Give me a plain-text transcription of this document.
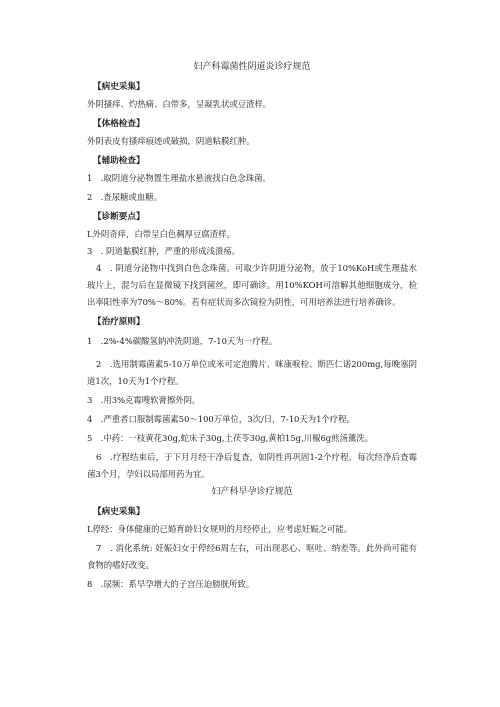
妇产科霉菌性阴道炎诊疗规范
【病史采集】

外阴搔痒、灼热痛、白带多，呈凝乳状或豆渣样。

【体格检查】

外阴表皮有搔痒痕迹或破损，阴道粘膜红肿。

【辅助检查】

1　.取阴道分泌物置生理盐水悬液找白色念珠菌。

2　.查尿糖或血糖。

【诊断要点】

L外阴奇痒，白带呈白色稠厚豆腐渣样。

3　. 阴道黏膜红肿，严重的形成浅溃疡。

4　. 阴道分泌物中找到白色念珠菌。可取少许阴道分泌物，放于10%KoH或生理盐水玻片上，混匀后在显微镜下找到菌丝，即可确诊。用10%KOH可溶解其他细胞成分，检出率阳性率为70%～80%。若有症状而多次镜检为阴性，可用培养法进行培养确诊。

【治疗原则】

1　.2%-4%碳酸氢钠冲洗阴道，7-10天为一疗程。

2　.选用制霉菌素5-10万单位或米可定泡腾片、咪康唳栓、斯匹仁诺200mg,每晚塞阴道1次，10天为1个疗程。

3　.用3%克霉嗖软膏擦外阴。

4　.严重者口服制霉菌素50～100万单位，3次/日，7-10天为1个疗程。

5　.中药：一枝黄花30g,蛇床子30g,土茯苓30g,黄柏15g,川椒6g煎汤薰洗。

6　.疗程结束后，于下月月经干净后复查，如阴性再巩固1-2个疗程，每次经净后查霉菌3个月，孕妇以局部用药为宜。

妇产科早孕诊疗规范
【病史采集】

L停经：身体健康的已婚育龄妇女规则的月经停止，应考虑妊娠之可能。

7　. 消化系统: 妊娠妇女于停经6周左右，可出现恶心、呕吐、纳差等。此外尚可能有食物的嗜好改变。

8　.尿频：系早孕增大的子宫压迫膀胱所致。
